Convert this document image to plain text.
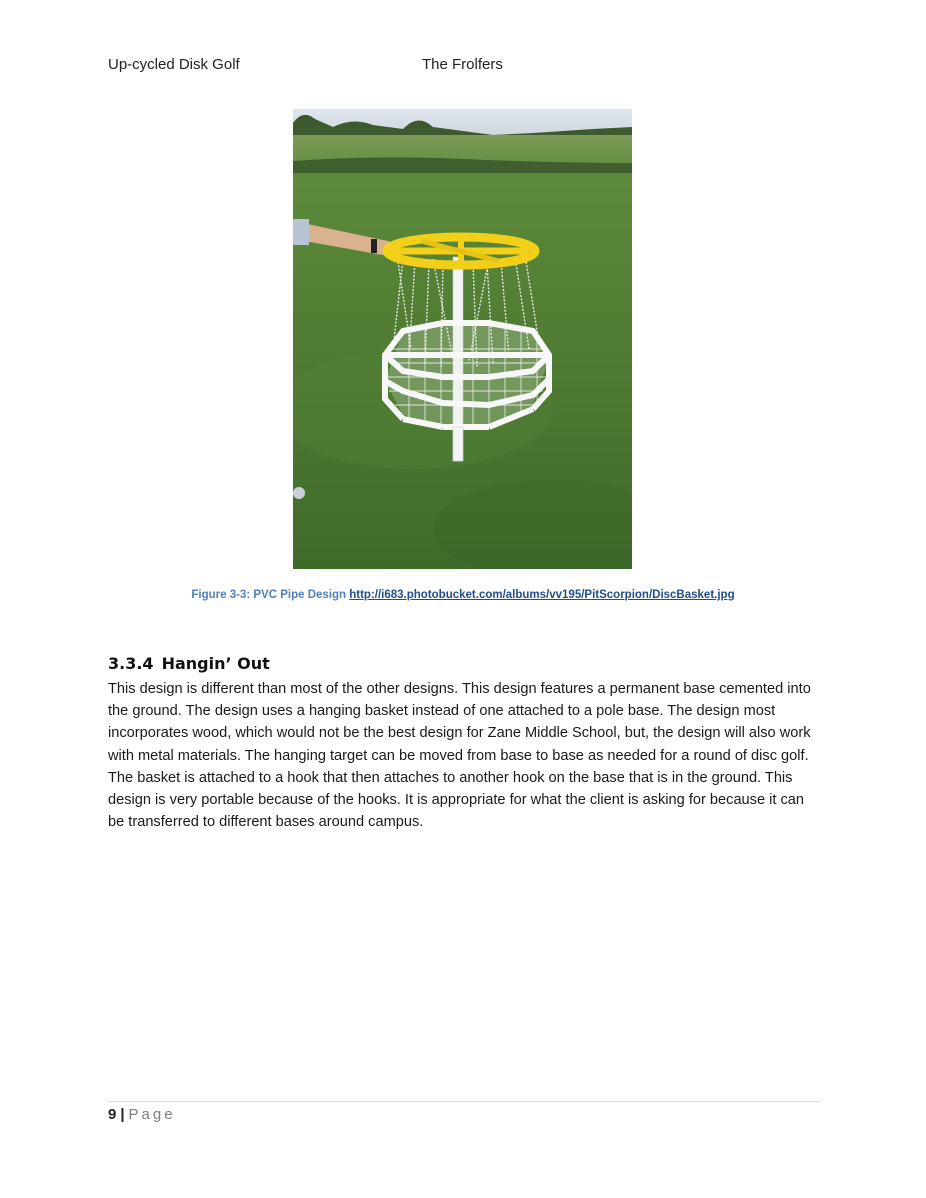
Up-cycled Disk Golf	The Frolfers
Figure 3-3: PVC Pipe Design http://i683.photobucket.com/albums/vv195/PitScorpion/DiscBasket.jpg
3.3.4 Hangin’ Out
This design is different than most of the other designs. This design features a permanent base cemented into the ground. The design uses a hanging basket instead of one attached to a pole base. The design most incorporates wood, which would not be the best design for Zane Middle School, but, the design will also work with metal materials. The hanging target can be moved from base to base as needed for a round of disc golf. The basket is attached to a hook that then attaches to another hook on the base that is in the ground. This design is very portable because of the hooks. It is appropriate for what the client is asking for because it can be transferred to different bases around campus.
9 | Page
